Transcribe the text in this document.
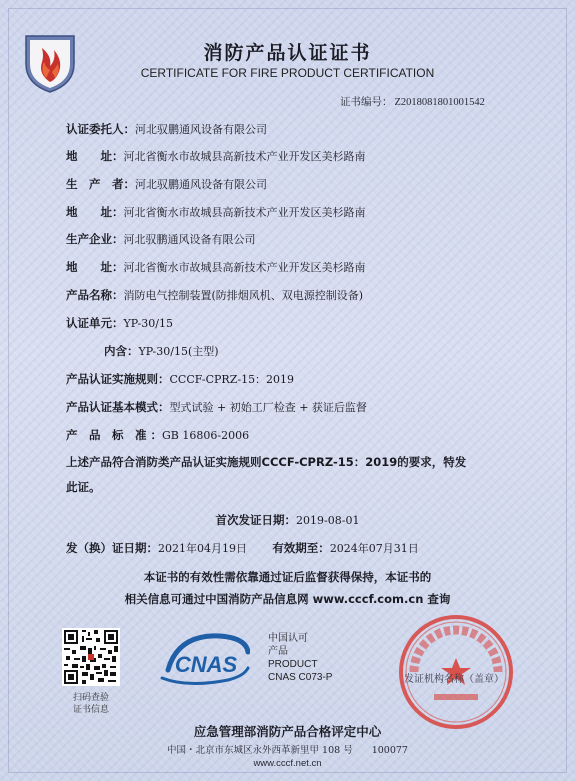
消防产品认证证书
CERTIFICATE FOR FIRE PRODUCT CERTIFICATION
证书编号： Z2018081801001542
认证委托人：河北驭鹏通风设备有限公司
地　　址：河北省衡水市故城县高新技术产业开发区美杉路南
生　产　者：河北驭鹏通风设备有限公司
地　　址：河北省衡水市故城县高新技术产业开发区美杉路南
生产企业：河北驭鹏通风设备有限公司
地　　址：河北省衡水市故城县高新技术产业开发区美杉路南
产品名称：消防电气控制装置(防排烟风机、双电源控制设备)
认证单元：YP-30/15
内含：YP-30/15(主型)
产品认证实施规则：CCCF-CPRZ-15：2019
产品认证基本模式：型式试验 + 初始工厂检查 + 获证后监督
产　品　标　准 ：GB 16806-2006
上述产品符合消防类产品认证实施规则CCCF-CPRZ-15：2019的要求，特发
此证。
首次发证日期：2019-08-01
发（换）证日期：2021年04月19日 有效期至：2024年07月31日
本证书的有效性需依靠通过证后监督获得保持，本证书的
相关信息可通过中国消防产品信息网 www.cccf.com.cn 查询
扫码查验
证书信息
CNAS
中国认可
产品
PRODUCT
CNAS C073-P	发证机构名称（盖章）
应急管理部消防产品合格评定中心
中国・北京市东城区永外西革新里甲 108 号　　100077
www.cccf.net.cn
